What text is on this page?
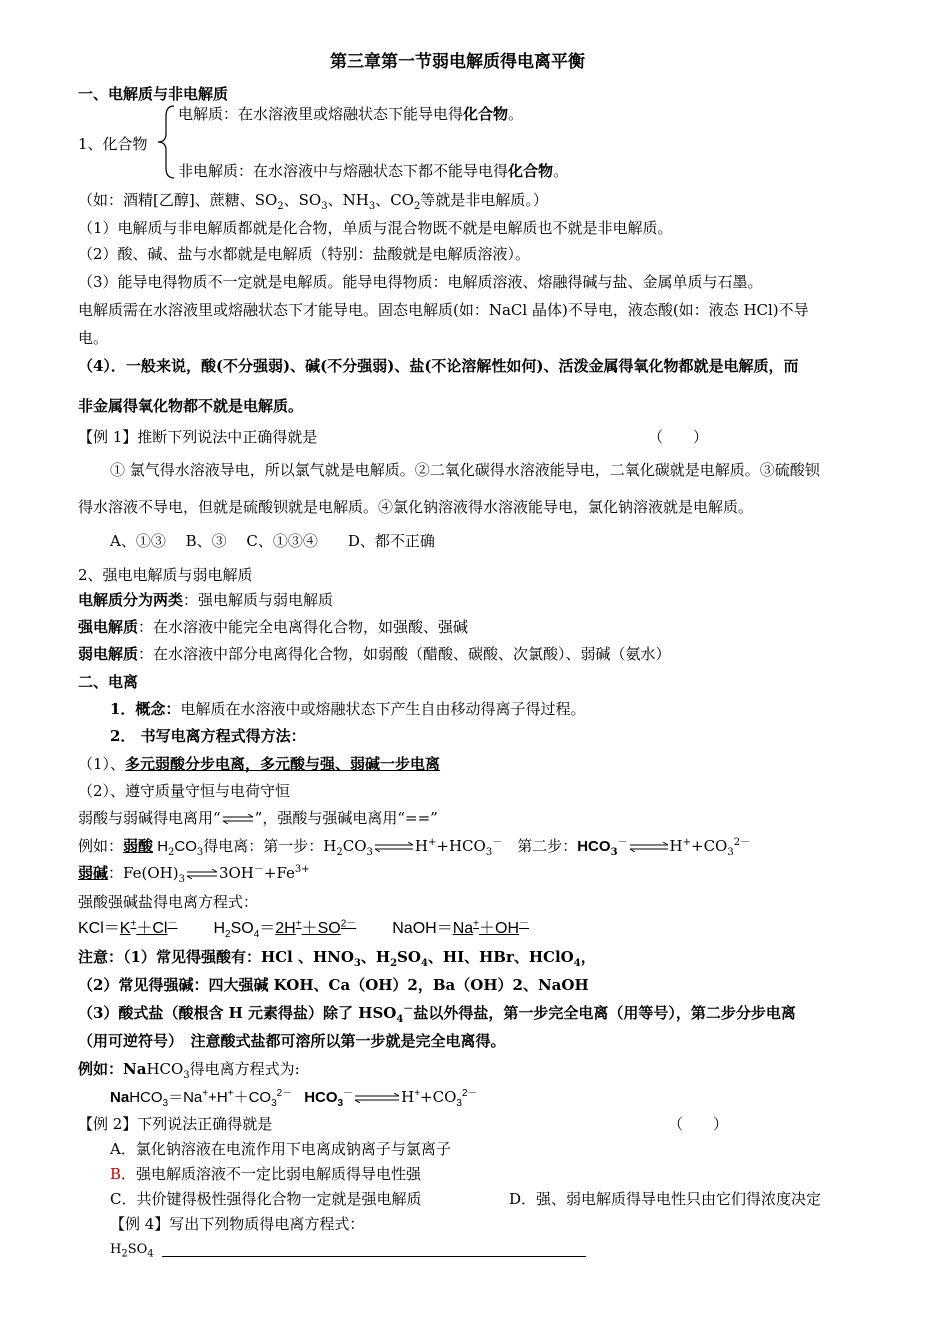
第三章第一节弱电解质得电离平衡
一、电解质与非电解质
电解质：在水溶液里或熔融状态下能导电得化合物。
1、化合物
非电解质：在水溶液中与熔融状态下都不能导电得化合物。
（如：酒精[乙醇]、蔗糖、$SO_2$、$SO_3$、$NH_3$、$CO_2$等就是非电解质。）
（1）电解质与非电解质都就是化合物，单质与混合物既不就是电解质也不就是非电解质。
（2）酸、碱、盐与水都就是电解质（特别：盐酸就是电解质溶液）。
（3）能导电得物质不一定就是电解质。能导电得物质：电解质溶液、熔融得碱与盐、金属单质与石墨。
电解质需在水溶液里或熔融状态下才能导电。固态电解质(如：NaCl 晶体)不导电，液态酸(如：液态 HCl)不导
电。
（4）．一般来说，酸(不分强弱)、碱(不分强弱)、盐(不论溶解性如何)、活泼金属得氧化物都就是电解质，而
非金属得氧化物都不就是电解质。
【例 1】推断下列说法中正确得就是	（　　）
① 氯气得水溶液导电，所以氯气就是电解质。②二氧化碳得水溶液能导电，二氧化碳就是电解质。③硫酸钡
得水溶液不导电，但就是硫酸钡就是电解质。④氯化钠溶液得水溶液能导电，氯化钠溶液就是电解质。
A、①③　 B、③　 C、①③④　　D、都不正确
2、强电电解质与弱电解质
电解质分为两类：强电解质与弱电解质
强电解质：在水溶液中能完全电离得化合物，如强酸、强碱
弱电解质：在水溶液中部分电离得化合物，如弱酸（醋酸、碳酸、次氯酸）、弱碱（氨水）
二、电离
1．概念：电解质在水溶液中或熔融状态下产生自由移动得离子得过程。
2． 书写电离方程式得方法：
（1）、多元弱酸分步电离，多元酸与强、弱碱一步电离
（2）、遵守质量守恒与电荷守恒
弱酸与弱碱得电离用“⇌”，强酸与强碱电离用“==”
例如：弱酸 $H_2CO_3$得电离：第一步：$H_2CO_3\rightleftharpoons H^++HCO_3^-$　第二步：$HCO_3^-\rightleftharpoons H^++CO_3^{2-}$
弱碱：$Fe(OH)_3\rightleftharpoons 3OH^-+Fe^{3+}$
强酸强碱盐得电离方程式：
KCl＝K+＋Cl－ $H_2SO_4=2H^++SO^{2-}$ NaOH＝Na+＋OH－
注意：（1）常见得强酸有：HCl 、$HNO_3$、$H_2SO_4$、HI、HBr、HClO$_4$，
（2）常见得强碱：四大强碱 KOH、Ca（OH）2，Ba（OH）2、NaOH
（3）酸式盐（酸根含 H 元素得盐）除了 $HSO_4^-$盐以外得盐，第一步完全电离（用等号），第二步分步电离
（用可逆符号）　注意酸式盐都可溶所以第一步就是完全电离得。
例如：NaHCO$_3$得电离方程式为:
$NaHCO_3=Na^++H^++CO_3^{2-}$ $HCO_3^-\rightleftharpoons H^++CO_3^{2-}$
【例 2】下列说法正确得就是	（　　）
A．氯化钠溶液在电流作用下电离成钠离子与氯离子
B．强电解质溶液不一定比弱电解质得导电性强
C．共价键得极性强得化合物一定就是强电解质	D．强、弱电解质得导电性只由它们得浓度决定
【例 4】写出下列物质得电离方程式：
$H_2SO_4$
